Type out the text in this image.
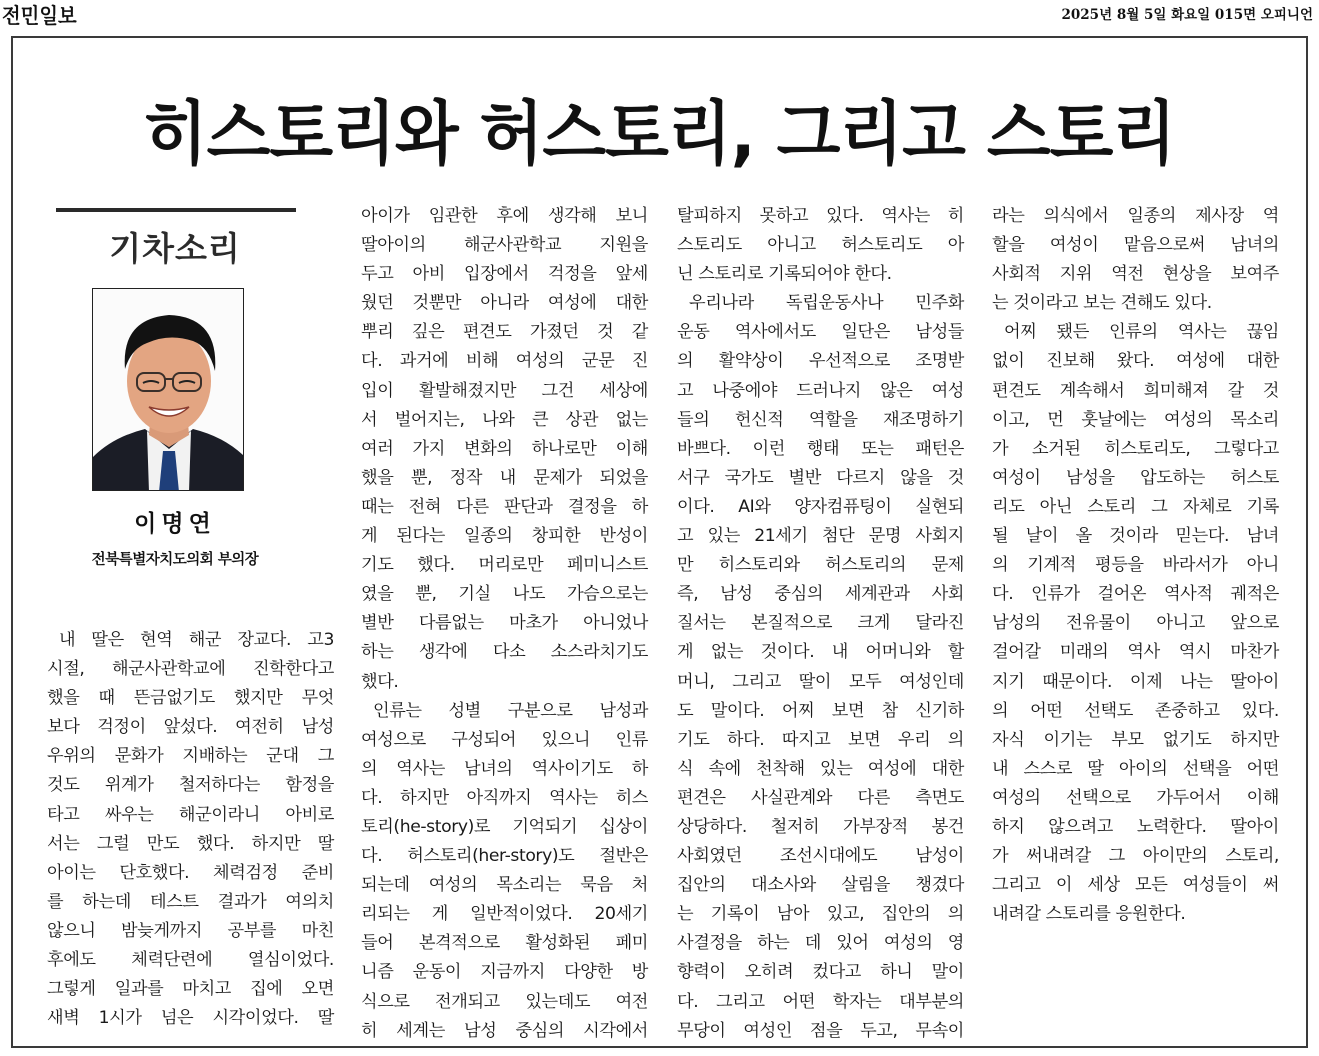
전민일보	2025년 8월 5일 화요일 015면 오피니언
히스토리와 허스토리, 그리고 스토리
기차소리
이명연
전북특별자치도의회 부의장
내 딸은 현역 해군 장교다. 고3
시절, 해군사관학교에 진학한다고
했을 때 뜬금없기도 했지만 무엇
보다 걱정이 앞섰다. 여전히 남성
우위의 문화가 지배하는 군대 그
것도 위계가 철저하다는 함정을
타고 싸우는 해군이라니 아비로
서는 그럴 만도 했다. 하지만 딸
아이는 단호했다. 체력검정 준비
를 하는데 테스트 결과가 여의치
않으니 밤늦게까지 공부를 마친
후에도 체력단련에 열심이었다.
그렇게 일과를 마치고 집에 오면
새벽 1시가 넘은 시각이었다. 딸
아이가 임관한 후에 생각해 보니
딸아이의 해군사관학교 지원을
두고 아비 입장에서 걱정을 앞세
웠던 것뿐만 아니라 여성에 대한
뿌리 깊은 편견도 가졌던 것 같
다. 과거에 비해 여성의 군문 진
입이 활발해졌지만 그건 세상에
서 벌어지는, 나와 큰 상관 없는
여러 가지 변화의 하나로만 이해
했을 뿐, 정작 내 문제가 되었을
때는 전혀 다른 판단과 결정을 하
게 된다는 일종의 창피한 반성이
기도 했다. 머리로만 페미니스트
였을 뿐, 기실 나도 가슴으로는
별반 다름없는 마초가 아니었나
하는 생각에 다소 소스라치기도
했다.
인류는 성별 구분으로 남성과
여성으로 구성되어 있으니 인류
의 역사는 남녀의 역사이기도 하
다. 하지만 아직까지 역사는 히스
토리(he-story)로 기억되기 십상이
다. 허스토리(her-story)도 절반은
되는데 여성의 목소리는 묵음 처
리되는 게 일반적이었다. 20세기
들어 본격적으로 활성화된 페미
니즘 운동이 지금까지 다양한 방
식으로 전개되고 있는데도 여전
히 세계는 남성 중심의 시각에서
탈피하지 못하고 있다. 역사는 히
스토리도 아니고 허스토리도 아
닌 스토리로 기록되어야 한다.
우리나라 독립운동사나 민주화
운동 역사에서도 일단은 남성들
의 활약상이 우선적으로 조명받
고 나중에야 드러나지 않은 여성
들의 헌신적 역할을 재조명하기
바쁘다. 이런 행태 또는 패턴은
서구 국가도 별반 다르지 않을 것
이다. AI와 양자컴퓨팅이 실현되
고 있는 21세기 첨단 문명 사회지
만 히스토리와 허스토리의 문제
즉, 남성 중심의 세계관과 사회
질서는 본질적으로 크게 달라진
게 없는 것이다. 내 어머니와 할
머니, 그리고 딸이 모두 여성인데
도 말이다. 어찌 보면 참 신기하
기도 하다. 따지고 보면 우리 의
식 속에 천착해 있는 여성에 대한
편견은 사실관계와 다른 측면도
상당하다. 철저히 가부장적 봉건
사회였던 조선시대에도 남성이
집안의 대소사와 살림을 챙겼다
는 기록이 남아 있고, 집안의 의
사결정을 하는 데 있어 여성의 영
향력이 오히려 컸다고 하니 말이
다. 그리고 어떤 학자는 대부분의
무당이 여성인 점을 두고, 무속이
라는 의식에서 일종의 제사장 역
할을 여성이 맡음으로써 남녀의
사회적 지위 역전 현상을 보여주
는 것이라고 보는 견해도 있다.
어찌 됐든 인류의 역사는 끊임
없이 진보해 왔다. 여성에 대한
편견도 계속해서 희미해져 갈 것
이고, 먼 훗날에는 여성의 목소리
가 소거된 히스토리도, 그렇다고
여성이 남성을 압도하는 허스토
리도 아닌 스토리 그 자체로 기록
될 날이 올 것이라 믿는다. 남녀
의 기계적 평등을 바라서가 아니
다. 인류가 걸어온 역사적 궤적은
남성의 전유물이 아니고 앞으로
걸어갈 미래의 역사 역시 마찬가
지기 때문이다. 이제 나는 딸아이
의 어떤 선택도 존중하고 있다.
자식 이기는 부모 없기도 하지만
내 스스로 딸 아이의 선택을 어떤
여성의 선택으로 가두어서 이해
하지 않으려고 노력한다. 딸아이
가 써내려갈 그 아이만의 스토리,
그리고 이 세상 모든 여성들이 써
내려갈 스토리를 응원한다.
